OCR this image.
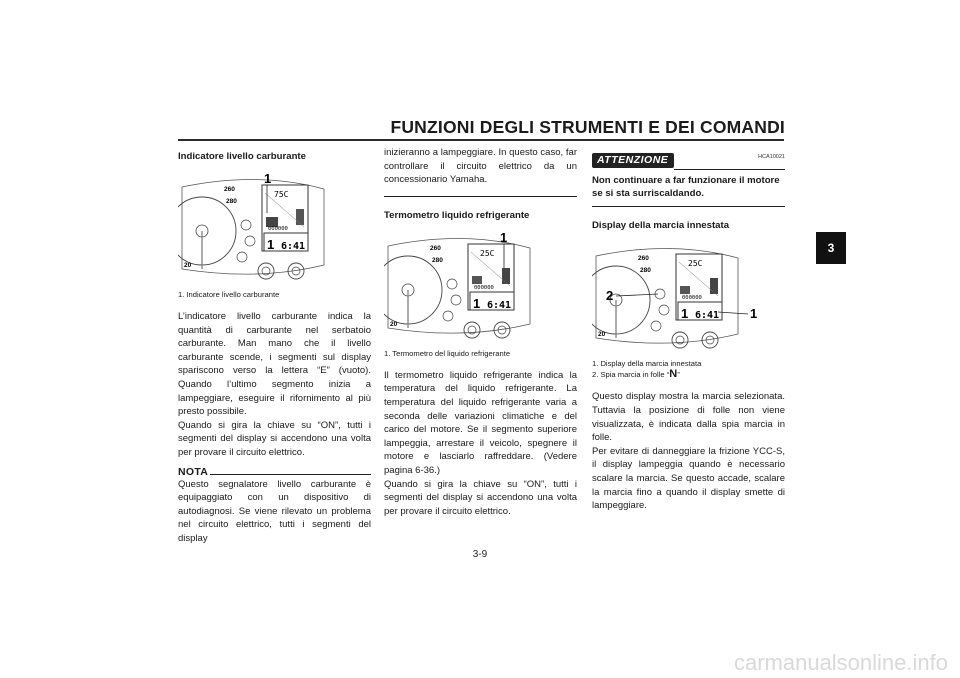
FUNZIONI DEGLI STRUMENTI E DEI COMANDI
3

Indicatore livello carburante

260
280
20
75C
000000
1 6:41
1

1. Indicatore livello carburante

L’indicatore livello carburante indica la quantità di carburante nel serbatoio carburante. Man mano che il livello carburante scende, i segmenti sul display spariscono verso la lettera “E” (vuoto). Quando l’ultimo segmento inizia a lampeggiare, eseguire il rifornimento al più presto possibile.

Quando si gira la chiave su “ON”, tutti i segmenti del display si accendono una volta per provare il circuito elettrico.

NOTA

Questo segnalatore livello carburante è equipaggiato con un dispositivo di autodiagnosi. Se viene rilevato un problema nel circuito elettrico, tutti i segmenti del display

inizieranno a lampeggiare. In questo caso, far controllare il circuito elettrico da un concessionario Yamaha.

Termometro liquido refrigerante

260
280
20
25C
000000
1 6:41
1

1. Termometro del liquido refrigerante

Il termometro liquido refrigerante indica la temperatura del liquido refrigerante. La temperatura del liquido refrigerante varia a seconda delle variazioni climatiche e del carico del motore. Se il segmento superiore lampeggia, arrestare il veicolo, spegnere il motore e lasciarlo raffreddare. (Vedere pagina 6-36.)

Quando si gira la chiave su “ON”, tutti i segmenti del display si accendono una volta per provare il circuito elettrico.

ATTENZIONE	HCA10021

Non continuare a far funzionare il motore se si sta surriscaldando.

Display della marcia innestata

260
280
20
25C
000000
1 6:41
2
1

1. Display della marcia innestata

2. Spia marcia in folle “N”

Questo display mostra la marcia selezionata. Tuttavia la posizione di folle non viene visualizzata, è indicata dalla spia marcia in folle.

Per evitare di danneggiare la frizione YCC-S, il display lampeggia quando è necessario scalare la marcia. Se questo accade, scalare la marcia fino a quando il display smette di lampeggiare.

3-9
carmanualsonline.info
